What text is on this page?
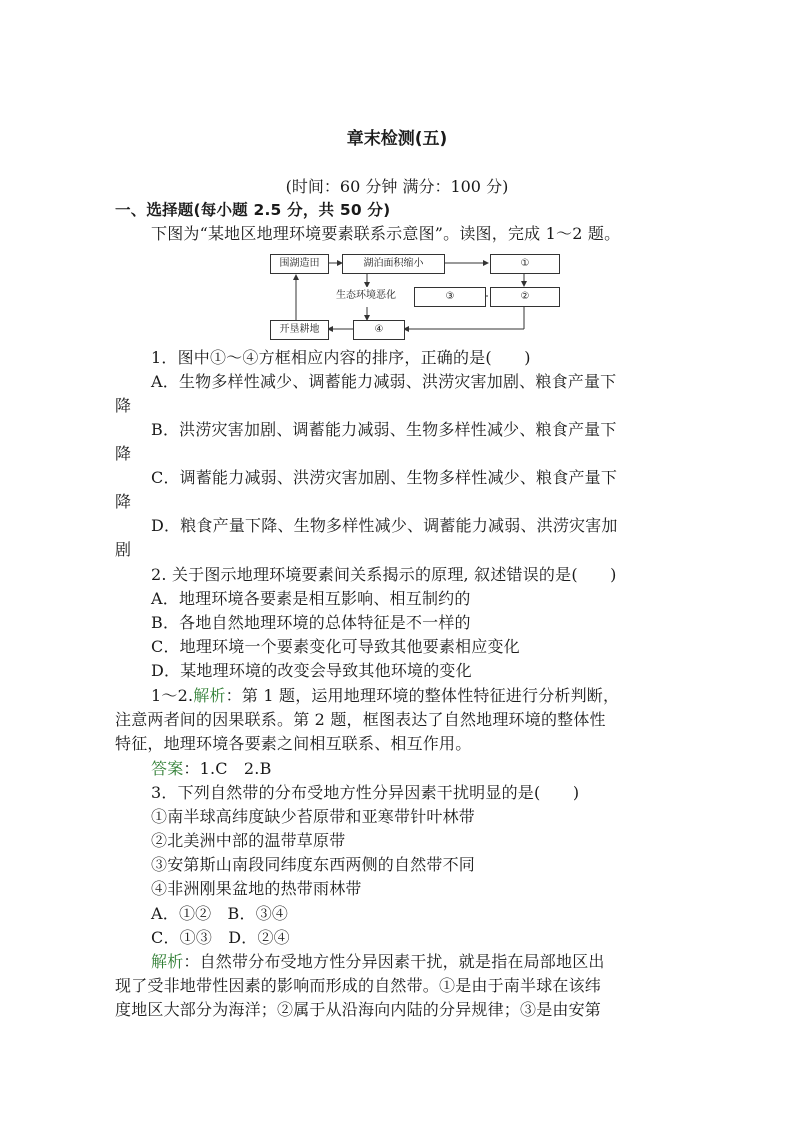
章末检测(五)
(时间：60 分钟 满分：100 分)
一、选择题(每小题 2.5 分，共 50 分)
下图为“某地区地理环境要素联系示意图”。读图，完成 1～2 题。
围湖造田	湖泊面积缩小	①
生态环境恶化	③	②
开垦耕地	④
1．图中①～④方框相应内容的排序，正确的是(　　)
A．生物多样性减少、调蓄能力减弱、洪涝灾害加剧、粮食产量下
降
B．洪涝灾害加剧、调蓄能力减弱、生物多样性减少、粮食产量下
降
C．调蓄能力减弱、洪涝灾害加剧、生物多样性减少、粮食产量下
降
D．粮食产量下降、生物多样性减少、调蓄能力减弱、洪涝灾害加
剧
2. 关于图示地理环境要素间关系揭示的原理, 叙述错误的是(　　)
A．地理环境各要素是相互影响、相互制约的
B．各地自然地理环境的总体特征是不一样的
C．地理环境一个要素变化可导致其他要素相应变化
D．某地理环境的改变会导致其他环境的变化
1～2.解析：第 1 题，运用地理环境的整体性特征进行分析判断，
注意两者间的因果联系。第 2 题，框图表达了自然地理环境的整体性
特征，地理环境各要素之间相互联系、相互作用。
答案：1.C　2.B
3．下列自然带的分布受地方性分异因素干扰明显的是(　　)
①南半球高纬度缺少苔原带和亚寒带针叶林带
②北美洲中部的温带草原带
③安第斯山南段同纬度东西两侧的自然带不同
④非洲刚果盆地的热带雨林带
A．①②　B．③④
C．①③　D．②④
解析：自然带分布受地方性分异因素干扰，就是指在局部地区出
现了受非地带性因素的影响而形成的自然带。①是由于南半球在该纬
度地区大部分为海洋；②属于从沿海向内陆的分异规律；③是由安第
